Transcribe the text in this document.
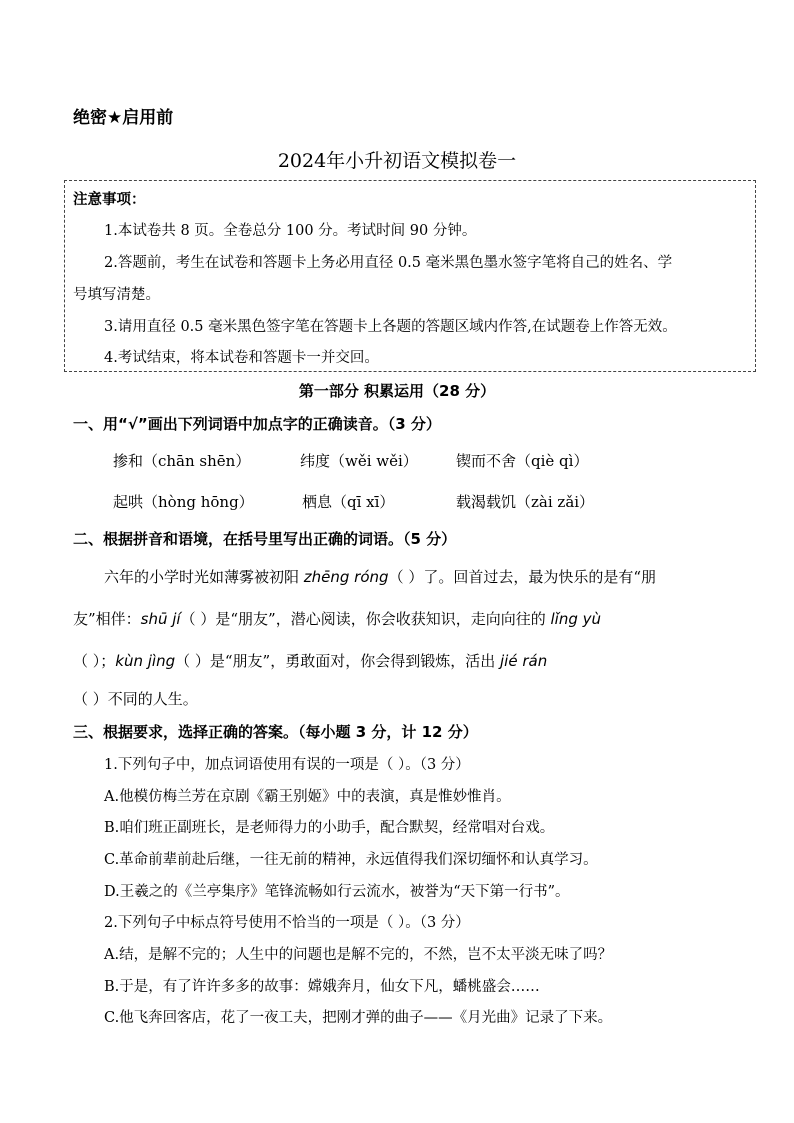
绝密★启用前
2024年小升初语文模拟卷一
注意事项：
1.本试卷共 8 页。全卷总分 100 分。考试时间 90 分钟。
2.答题前，考生在试卷和答题卡上务必用直径 0.5 毫米黑色墨水签字笔将自己的姓名、学
号填写清楚。
3.请用直径 0.5 毫米黑色签字笔在答题卡上各题的答题区域内作答,在试题卷上作答无效。
4.考试结束，将本试卷和答题卡一并交回。
第一部分 积累运用（28 分）
一、用“√”画出下列词语中加点字的正确读音。（3 分）
掺和（chān shēn）	纬度（wěi wěi）	锲而不舍（qiè qì）
起哄（hòng hōng）	栖息（qī xī）	载渴载饥（zài zǎi）
二、根据拼音和语境，在括号里写出正确的词语。（5 分）
六年的小学时光如薄雾被初阳 zhēng róng（ ）了。回首过去，最为快乐的是有“朋
友”相伴：shū jí（ ）是“朋友”，潜心阅读，你会收获知识，走向向往的 lǐng yù
（ ）；kùn jìng（ ）是“朋友”，勇敢面对，你会得到锻炼，活出 jié rán
（ ）不同的人生。
三、根据要求，选择正确的答案。（每小题 3 分，计 12 分）
1.下列句子中，加点词语使用有误的一项是（ ）。（3 分）
A.他模仿梅兰芳在京剧《霸王别姬》中的表演，真是惟妙惟肖。
B.咱们班正副班长，是老师得力的小助手，配合默契，经常唱对台戏。
C.革命前辈前赴后继，一往无前的精神，永远值得我们深切缅怀和认真学习。
D.王羲之的《兰亭集序》笔锋流畅如行云流水，被誉为“天下第一行书”。
2.下列句子中标点符号使用不恰当的一项是（ ）。（3 分）
A.结，是解不完的；人生中的问题也是解不完的，不然，岂不太平淡无味了吗？
B.于是，有了许许多多的故事：嫦娥奔月，仙女下凡，蟠桃盛会……
C.他飞奔回客店，花了一夜工夫，把刚才弹的曲子——《月光曲》记录了下来。
